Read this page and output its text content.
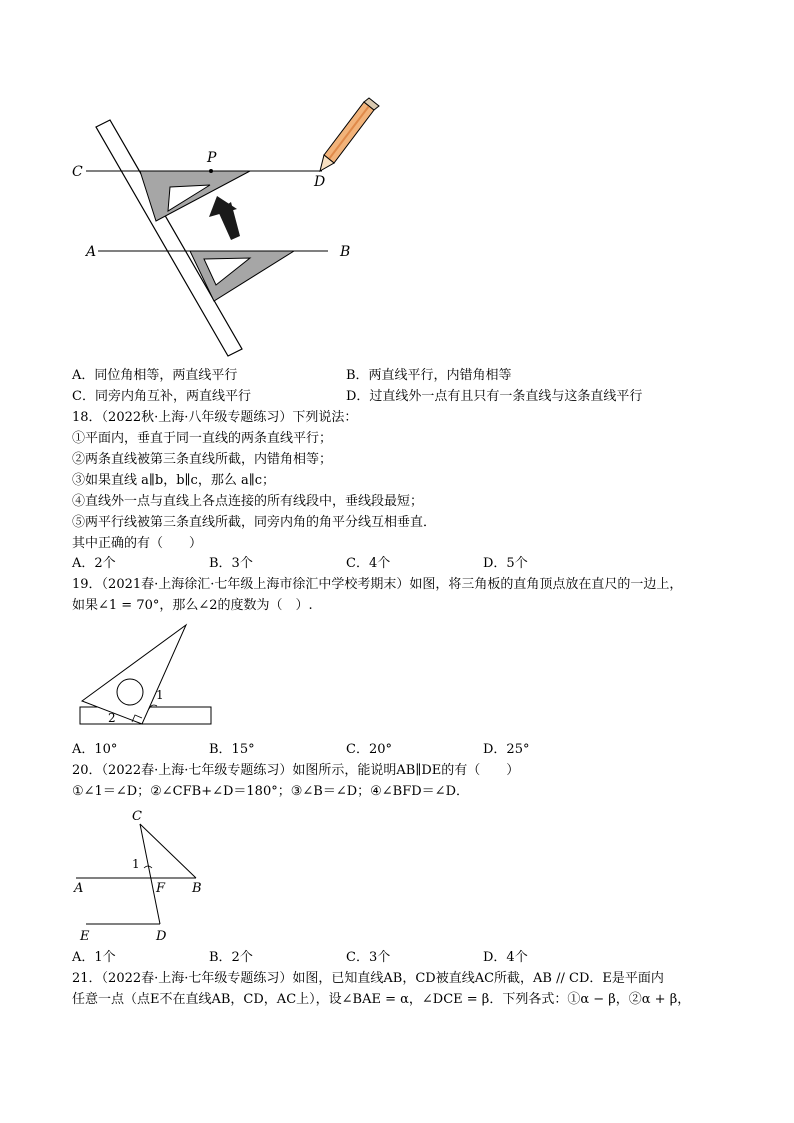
C
P
D
A	B
A．同位角相等，两直线平行	B．两直线平行，内错角相等
C．同旁内角互补，两直线平行	D．过直线外一点有且只有一条直线与这条直线平行
18．（2022秋·上海·八年级专题练习）下列说法：
①平面内，垂直于同一直线的两条直线平行；
②两条直线被第三条直线所截，内错角相等；
③如果直线 a∥b，b∥c，那么 a∥c；
④直线外一点与直线上各点连接的所有线段中，垂线段最短；
⑤两平行线被第三条直线所截，同旁内角的角平分线互相垂直．
其中正确的有（　　）
A．2个	B．3个	C．4个	D．5个
19．（2021春·上海徐汇·七年级上海市徐汇中学校考期末）如图，将三角板的直角顶点放在直尺的一边上，
如果∠1 = 70°，那么∠2的度数为（　）.
1
2
A．10°	B．15°	C．20°	D．25°
20．（2022春·上海·七年级专题练习）如图所示，能说明AB∥DE的有（　　）
①∠1＝∠D；②∠CFB+∠D＝180°；③∠B＝∠D；④∠BFD＝∠D．
C
1
A	F B
E	D
A．1个	B．2个	C．3个	D．4个
21．（2022春·上海·七年级专题练习）如图，已知直线AB，CD被直线AC所截，AB // CD．E是平面内
任意一点（点E不在直线AB，CD，AC上），设∠BAE = α，∠DCE = β．下列各式：①α − β，②α + β，
